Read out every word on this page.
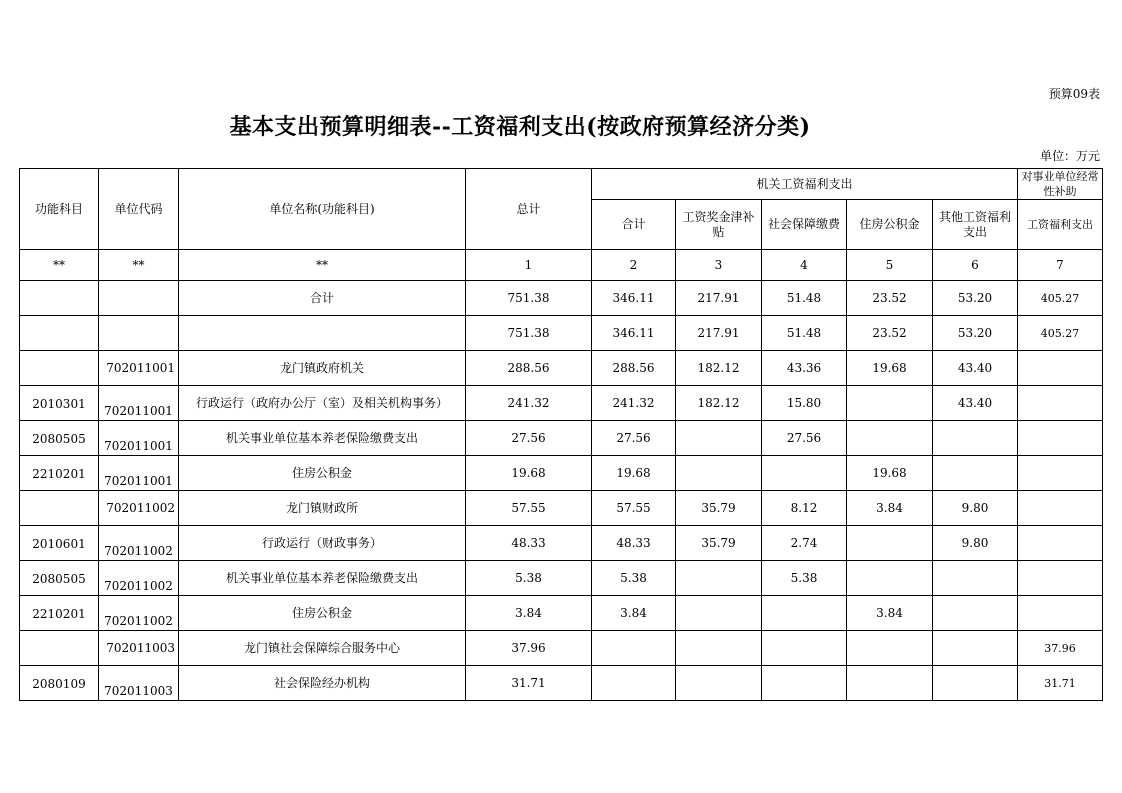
预算09表
基本支出预算明细表--工资福利支出(按政府预算经济分类)
单位：万元
功能科目	单位代码	单位名称(功能科目)	总计	机关工资福利支出					对事业单位经常性补助
				合计	工资奖金津补贴	社会保障缴费	住房公积金	其他工资福利支出	工资福利支出
**	**	**	1	2	3	4	5	6	7
		合计	751.38	346.11	217.91	51.48	23.52	53.20	405.27
			751.38	346.11	217.91	51.48	23.52	53.20	405.27
	702011001	龙门镇政府机关	288.56	288.56	182.12	43.36	19.68	43.40	
2010301	702011001	行政运行（政府办公厅（室）及相关机构事务）	241.32	241.32	182.12	15.80		43.40	
2080505	702011001	机关事业单位基本养老保险缴费支出	27.56	27.56		27.56			
2210201	702011001	住房公积金	19.68	19.68			19.68		
	702011002	龙门镇财政所	57.55	57.55	35.79	8.12	3.84	9.80	
2010601	702011002	行政运行（财政事务）	48.33	48.33	35.79	2.74		9.80	
2080505	702011002	机关事业单位基本养老保险缴费支出	5.38	5.38		5.38			
2210201	702011002	住房公积金	3.84	3.84			3.84		
	702011003	龙门镇社会保障综合服务中心	37.96						37.96
2080109	702011003	社会保险经办机构	31.71						31.71
